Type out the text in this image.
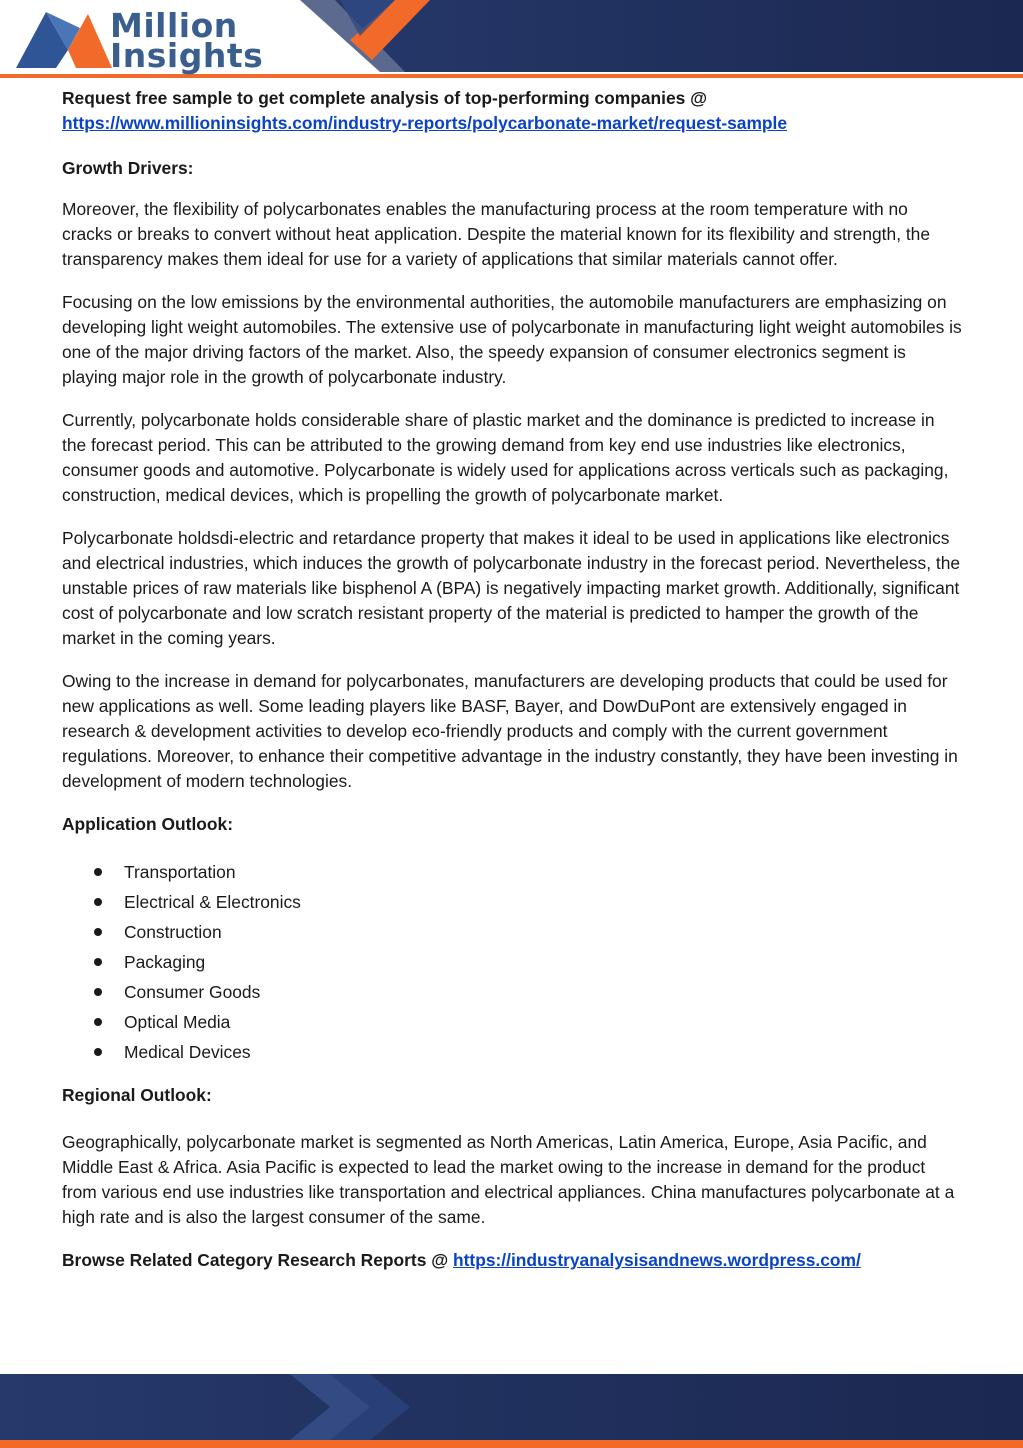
Million
Insights

Request free sample to get complete analysis of top-performing companies @
https://www.millioninsights.com/industry-reports/polycarbonate-market/request-sample

Growth Drivers:

Moreover, the flexibility of polycarbonates enables the manufacturing process at the room temperature with no cracks or breaks to convert without heat application. Despite the material known for its flexibility and strength, the transparency makes them ideal for use for a variety of applications that similar materials cannot offer.

Focusing on the low emissions by the environmental authorities, the automobile manufacturers are emphasizing on developing light weight automobiles. The extensive use of polycarbonate in manufacturing light weight automobiles is one of the major driving factors of the market. Also, the speedy expansion of consumer electronics segment is playing major role in the growth of polycarbonate industry.

Currently, polycarbonate holds considerable share of plastic market and the dominance is predicted to increase in the forecast period. This can be attributed to the growing demand from key end use industries like electronics, consumer goods and automotive. Polycarbonate is widely used for applications across verticals such as packaging, construction, medical devices, which is propelling the growth of polycarbonate market.

Polycarbonate holdsdi-electric and retardance property that makes it ideal to be used in applications like electronics and electrical industries, which induces the growth of polycarbonate industry in the forecast period. Nevertheless, the unstable prices of raw materials like bisphenol A (BPA) is negatively impacting market growth. Additionally, significant cost of polycarbonate and low scratch resistant property of the material is predicted to hamper the growth of the market in the coming years.

Owing to the increase in demand for polycarbonates, manufacturers are developing products that could be used for new applications as well. Some leading players like BASF, Bayer, and DowDuPont are extensively engaged in research & development activities to develop eco-friendly products and comply with the current government regulations. Moreover, to enhance their competitive advantage in the industry constantly, they have been investing in development of modern technologies.

Application Outlook:
Transportation
Electrical & Electronics
Construction
Packaging
Consumer Goods
Optical Media
Medical Devices
Regional Outlook:

Geographically, polycarbonate market is segmented as North Americas, Latin America, Europe, Asia Pacific, and Middle East & Africa. Asia Pacific is expected to lead the market owing to the increase in demand for the product from various end use industries like transportation and electrical appliances. China manufactures polycarbonate at a high rate and is also the largest consumer of the same.

Browse Related Category Research Reports @ https://industryanalysisandnews.wordpress.com/
